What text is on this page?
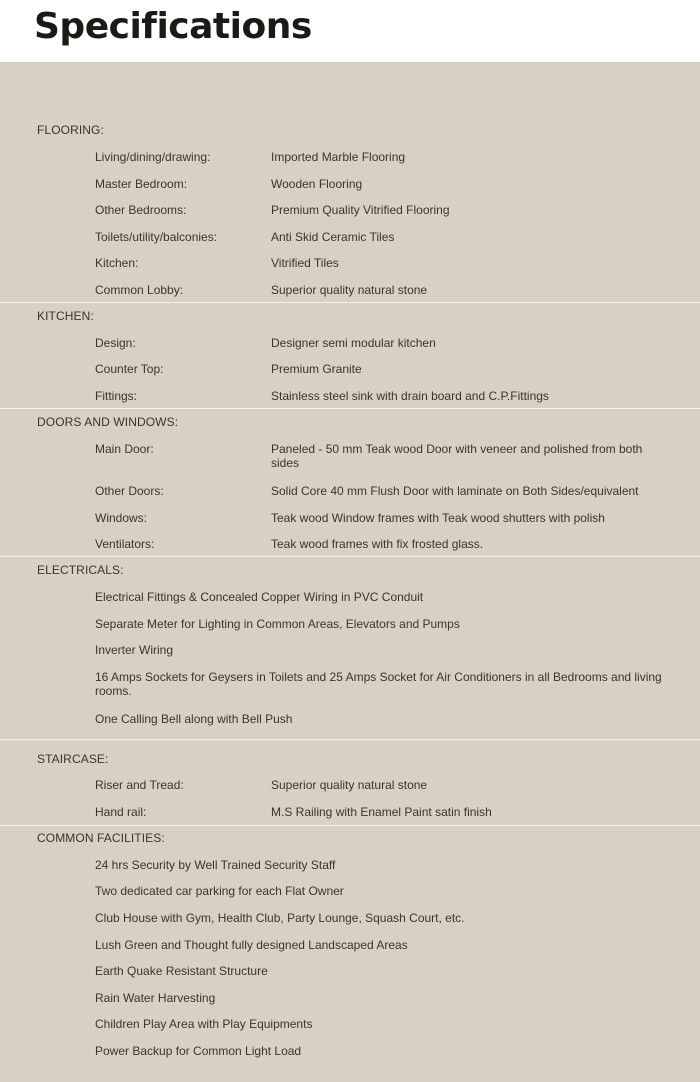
Specifications
FLOORING:
Living/dining/drawing:	Imported Marble Flooring
Master Bedroom:	Wooden Flooring
Other Bedrooms:	Premium Quality Vitrified Flooring
Toilets/utility/balconies:	Anti Skid Ceramic Tiles
Kitchen:	Vitrified Tiles
Common Lobby:	Superior quality natural stone
KITCHEN:
Design:	Designer semi modular kitchen
Counter Top:	Premium Granite
Fittings:	Stainless steel sink with drain board and C.P.Fittings
DOORS AND WINDOWS:
Main Door:	Paneled - 50 mm Teak wood Door with veneer and polished from both sides
Other Doors:	Solid Core 40 mm Flush Door with laminate on Both Sides/equivalent
Windows:	Teak wood Window frames with Teak wood shutters with polish
Ventilators:	Teak wood frames with fix frosted glass.
ELECTRICALS:
Electrical Fittings & Concealed Copper Wiring in PVC Conduit
Separate Meter for Lighting in Common Areas, Elevators and Pumps
Inverter Wiring
16 Amps Sockets for Geysers in Toilets and 25 Amps Socket for Air Conditioners in all Bedrooms and living rooms.
One Calling Bell along with Bell Push
STAIRCASE:
Riser and Tread:	Superior quality natural stone
Hand rail:	M.S Railing with Enamel Paint satin finish
COMMON FACILITIES:
24 hrs Security by Well Trained Security Staff
Two dedicated car parking for each Flat Owner
Club House with Gym, Health Club, Party Lounge, Squash Court, etc.
Lush Green and Thought fully designed Landscaped Areas
Earth Quake Resistant Structure
Rain Water Harvesting
Children Play Area with Play Equipments
Power Backup for Common Light Load
